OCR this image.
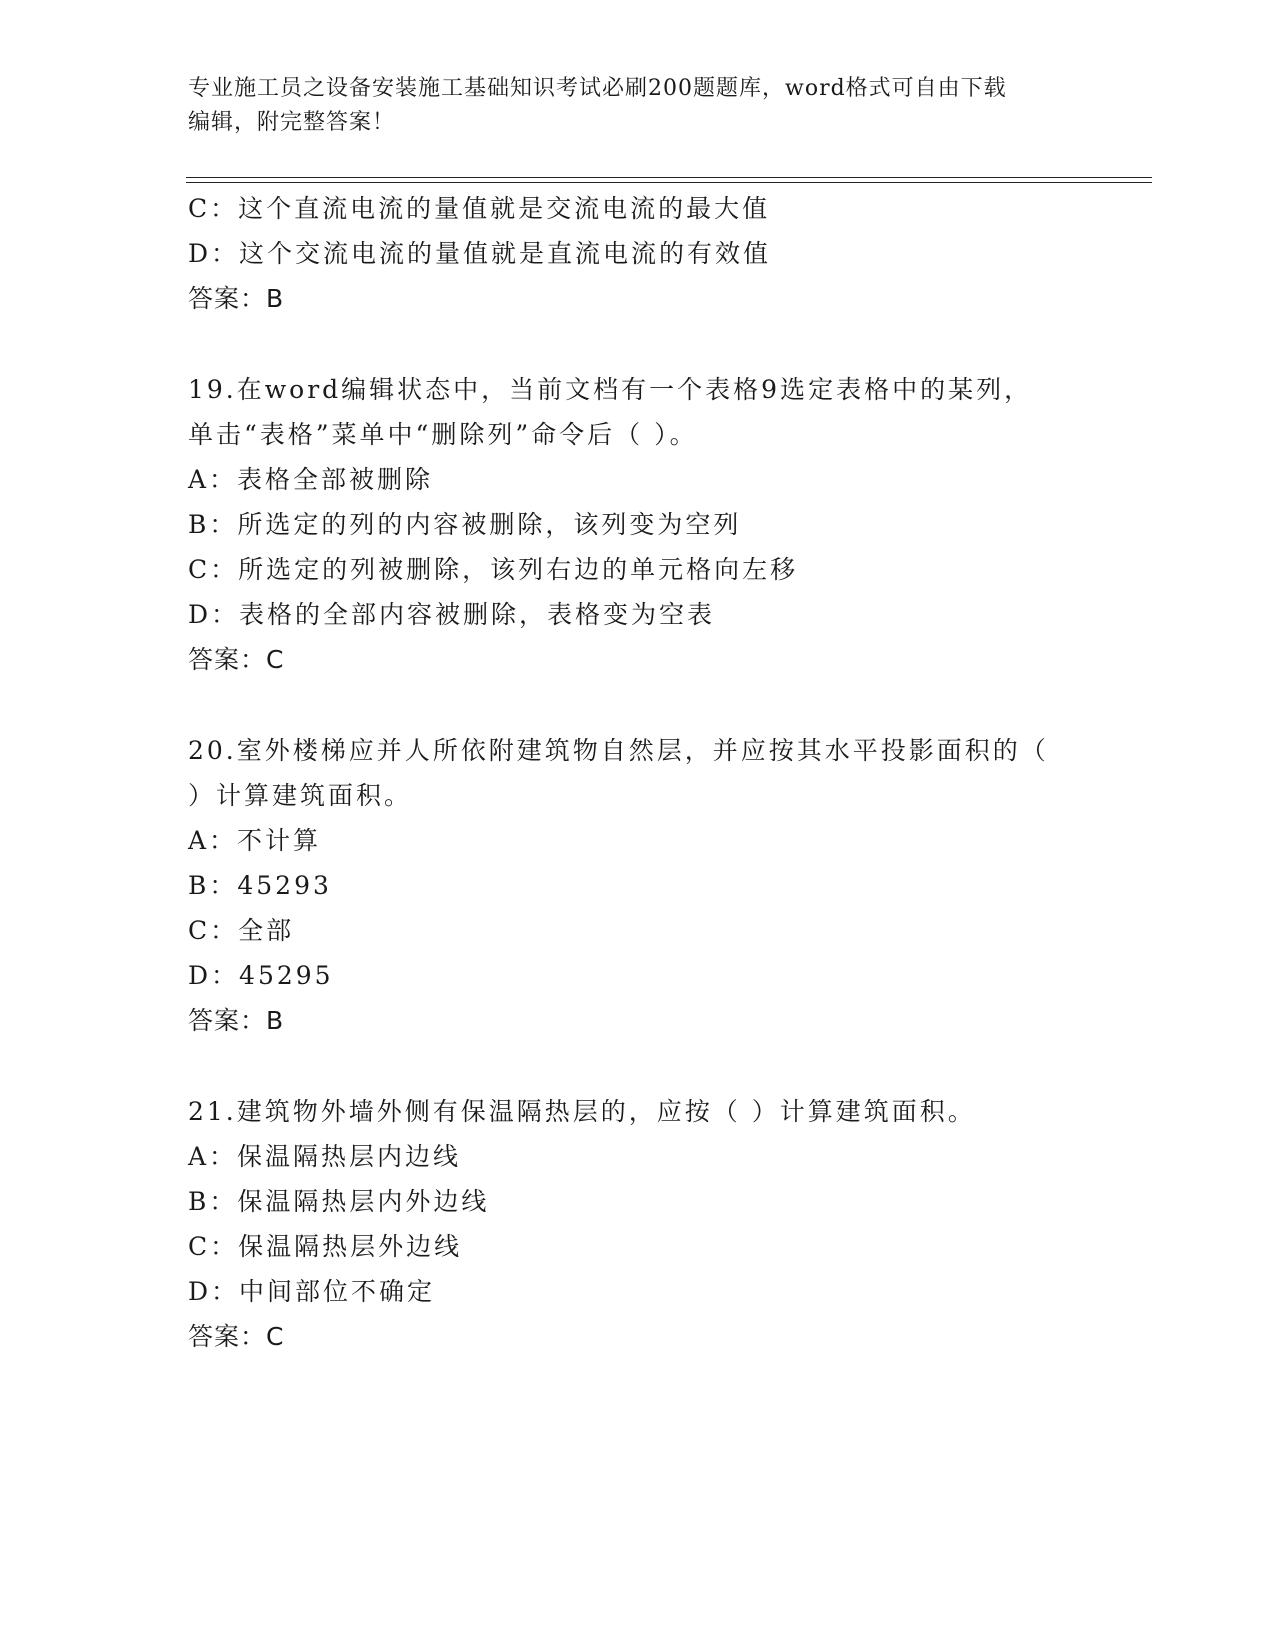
专业施工员之设备安装施工基础知识考试必刷200题题库，word格式可自由下载
编辑，附完整答案！
C：这个直流电流的量值就是交流电流的最大值
D：这个交流电流的量值就是直流电流的有效值
答案：B
19.在word编辑状态中，当前文档有一个表格9选定表格中的某列，
单击“表格”菜单中“删除列”命令后（ ）。
A：表格全部被删除
B：所选定的列的内容被删除，该列变为空列
C：所选定的列被删除，该列右边的单元格向左移
D：表格的全部内容被删除，表格变为空表
答案：C
20.室外楼梯应并人所依附建筑物自然层，并应按其水平投影面积的（
）计算建筑面积。
A：不计算
B：45293
C：全部
D：45295
答案：B
21.建筑物外墙外侧有保温隔热层的，应按（ ）计算建筑面积。
A：保温隔热层内边线
B：保温隔热层内外边线
C：保温隔热层外边线
D：中间部位不确定
答案：C
